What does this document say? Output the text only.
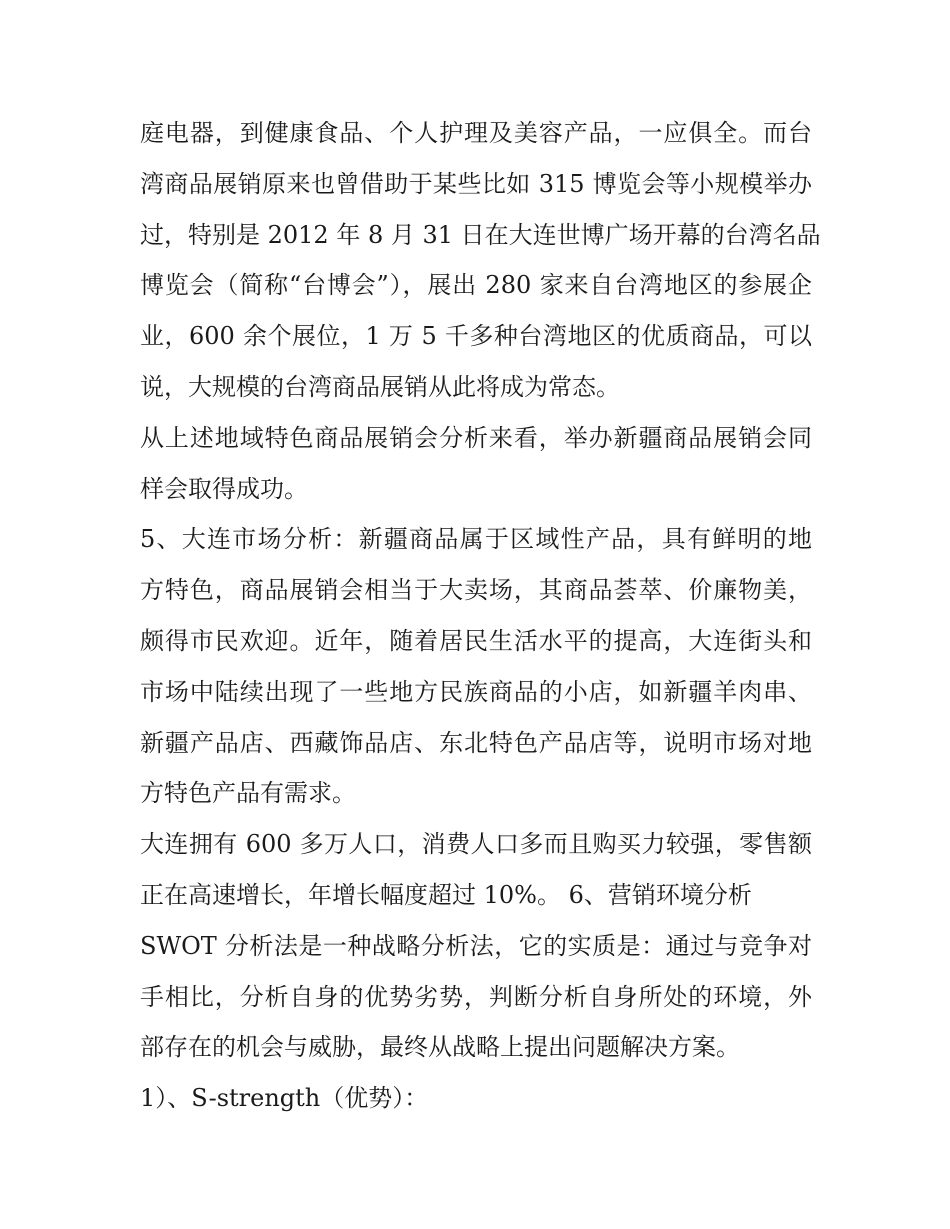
庭电器，到健康食品、个人护理及美容产品，一应俱全。而台
湾商品展销原来也曾借助于某些比如 315 博览会等小规模举办
过，特别是 2012 年 8 月 31 日在大连世博广场开幕的台湾名品
博览会（简称“台博会”），展出 280 家来自台湾地区的参展企
业，600 余个展位，1 万 5 千多种台湾地区的优质商品，可以
说，大规模的台湾商品展销从此将成为常态。
从上述地域特色商品展销会分析来看，举办新疆商品展销会同
样会取得成功。
5、大连市场分析：新疆商品属于区域性产品，具有鲜明的地
方特色，商品展销会相当于大卖场，其商品荟萃、价廉物美，
颇得市民欢迎。近年，随着居民生活水平的提高，大连街头和
市场中陆续出现了一些地方民族商品的小店，如新疆羊肉串、
新疆产品店、西藏饰品店、东北特色产品店等，说明市场对地
方特色产品有需求。
大连拥有 600 多万人口，消费人口多而且购买力较强，零售额
正在高速增长，年增长幅度超过 10%。 6、营销环境分析
SWOT 分析法是一种战略分析法，它的实质是：通过与竞争对
手相比，分析自身的优势劣势，判断分析自身所处的环境，外
部存在的机会与威胁，最终从战略上提出问题解决方案。
1）、S-strength（优势）：
